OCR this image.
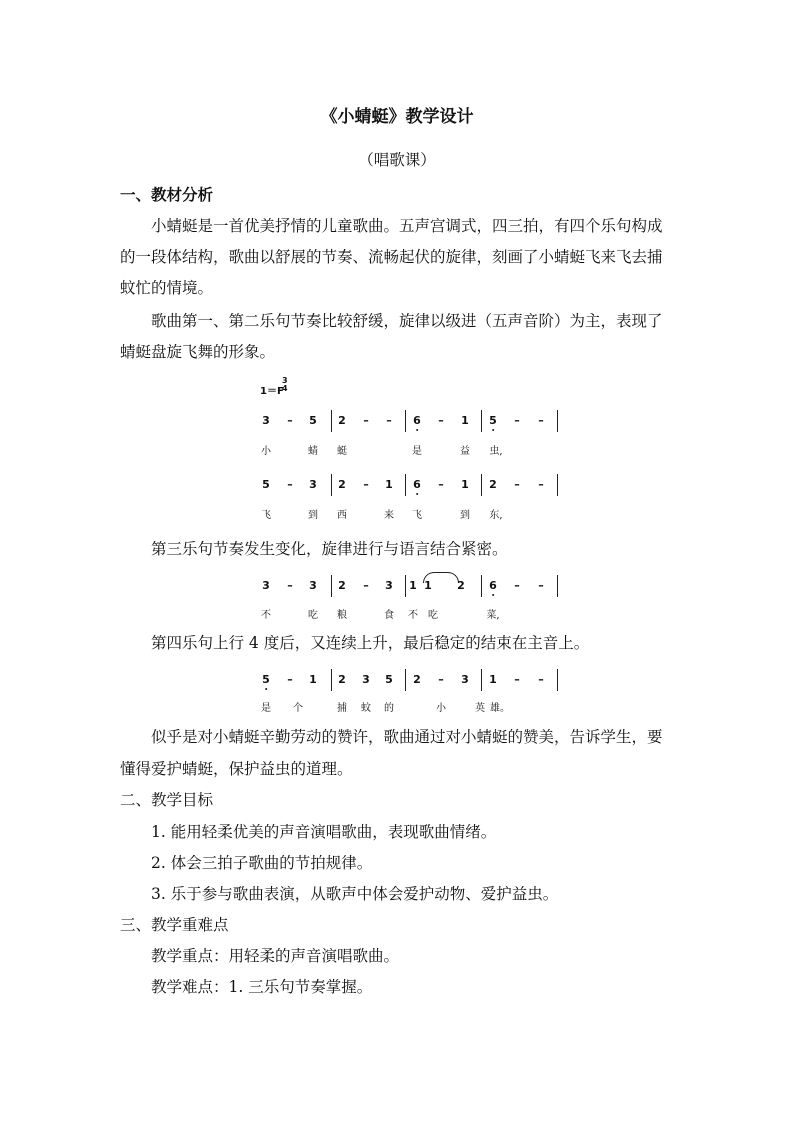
《小蜻蜓》教学设计
（唱歌课）
一、教材分析
小蜻蜓是一首优美抒情的儿童歌曲。五声宫调式，四三拍，有四个乐句构成
的一段体结构，歌曲以舒展的节奏、流畅起伏的旋律，刻画了小蜻蜓飞来飞去捕
蚊忙的情境。
歌曲第一、第二乐句节奏比较舒缓，旋律以级进（五声音阶）为主，表现了
蜻蜓盘旋飞舞的形象。
1＝F
3
4
3 – 5 2 – – 6 – 1 5 – –
小	蜻 蜓	是	益 虫,
5 – 3 2 – 1 6 – 1 2 – –
飞	到 西	来 飞	到 东,
第三乐句节奏发生变化，旋律进行与语言结合紧密。
3 – 3 2 – 3 1 1 2 6 – –
不	吃 粮	食 不 吃	菜,
第四乐句上行 4 度后，又连续上升，最后稳定的结束在主音上。
5 – 1 2 3 5 2 – 3 1 – –
是 个	捕 蚊 的	小	英 雄。
似乎是对小蜻蜓辛勤劳动的赞许，歌曲通过对小蜻蜓的赞美，告诉学生，要
懂得爱护蜻蜓，保护益虫的道理。
二、教学目标
1. 能用轻柔优美的声音演唱歌曲，表现歌曲情绪。
2. 体会三拍子歌曲的节拍规律。
3. 乐于参与歌曲表演，从歌声中体会爱护动物、爱护益虫。
三、教学重难点
教学重点：用轻柔的声音演唱歌曲。
教学难点：1. 三乐句节奏掌握。
